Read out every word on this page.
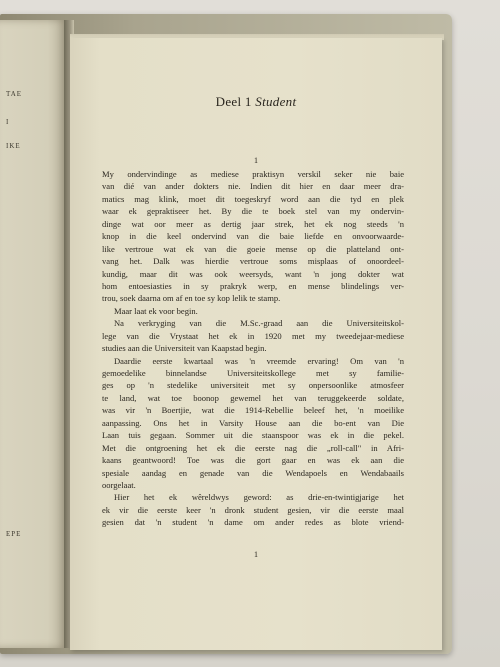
TAE
I
IKE
EPE
Deel 1 Student
1
My ondervindinge as mediese praktisyn verskil seker nie baie
van dié van ander dokters nie. Indien dit hier en daar meer dra-
matics mag klink, moet dit toegeskryf word aan die tyd en plek
waar ek gepraktiseer het. By die te boek stel van my ondervin-
dinge wat oor meer as dertig jaar strek, het ek nog steeds 'n
knop in die keel ondervind van die baie liefde en onvoorwaarde-
like vertroue wat ek van die goeie mense op die platteland ont-
vang het. Dalk was hierdie vertroue soms misplaas of onoordeel-
kundig, maar dit was ook weersyds, want 'n jong dokter wat
hom entoesiasties in sy prakryk werp, en mense blindelings ver-
trou, soek daarna om af en toe sy kop lelik te stamp.
Maar laat ek voor begin.
Na verkryging van die M.Sc.-graad aan die Universiteitskol-
lege van die Vrystaat het ek in 1920 met my tweedejaar-mediese
studies aan die Universiteit van Kaapstad begin.
Daardie eerste kwartaal was 'n vreemde ervaring! Om van 'n
gemoedelike binnelandse Universiteitskollege met sy familie-
ges op 'n stedelike universiteit met sy onpersoonlike atmosfeer
te land, wat toe boonop gewemel het van teruggekeerde soldate,
was vir 'n Boertjie, wat die 1914-Rebellie beleef het, 'n moeilike
aanpassing. Ons het in Varsity House aan die bo-ent van Die
Laan tuis gegaan. Sommer uit die staanspoor was ek in die pekel.
Met die ontgroening het ek die eerste nag die „roll-call" in Afri-
kaans geantwoord! Toe was die gort gaar en was ek aan die
spesiale aandag en genade van die Wendapoels en Wendabaails
oorgelaat.
Hier het ek wêreldwys geword: as drie-en-twintigjarige het
ek vir die eerste keer 'n dronk student gesien, vir die eerste maal
gesien dat 'n student 'n dame om ander redes as blote vriend-
1
